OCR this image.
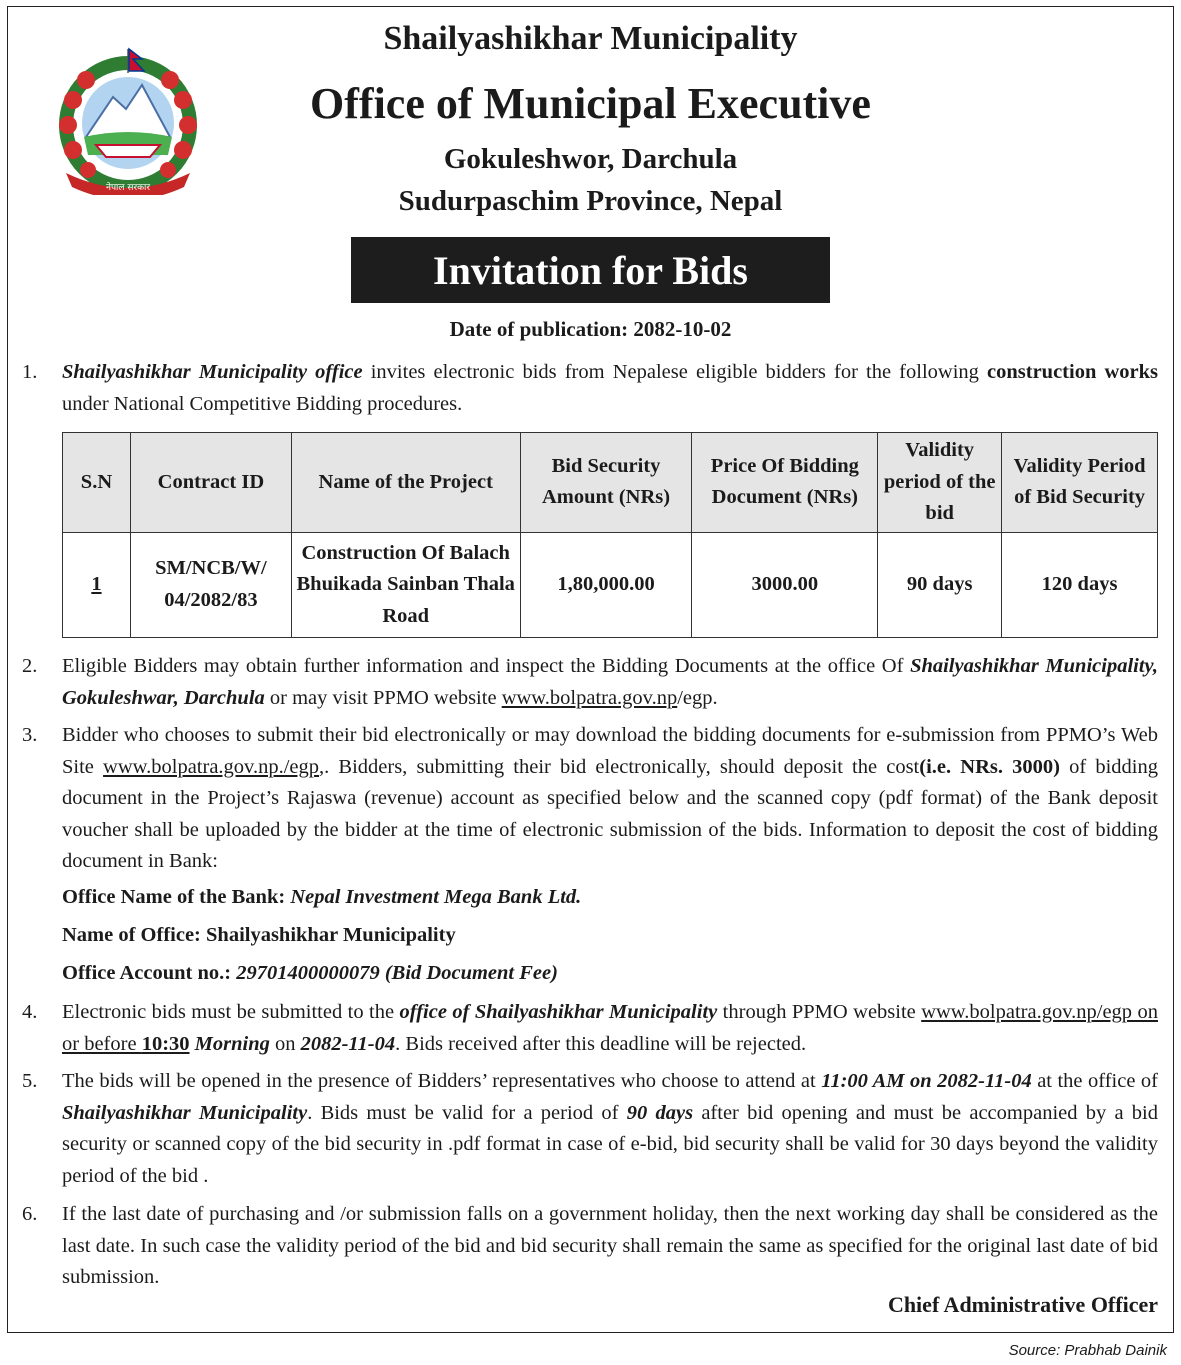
नेपाल सरकार
Shailyashikhar Municipality
Office of Municipal Executive
Gokuleshwor, Darchula
Sudurpaschim Province, Nepal
Invitation for Bids
Date of publication: 2082-10-02
1. Shailyashikhar Municipality office invites electronic bids from Nepalese eligible bidders for the following construction works under National Competitive Bidding procedures.
S.N	Contract ID	Name of the Project	Bid Security Amount (NRs)	Price Of Bidding Document (NRs)	Validity period of the bid	Validity Period of Bid Security
1	SM/NCB/W/ 04/2082/83	Construction Of Balach Bhuikada Sainban Thala Road	1,80,000.00	3000.00	90 days	120 days
2. Eligible Bidders may obtain further information and inspect the Bidding Documents at the office Of Shailyashikhar Municipality, Gokuleshwar, Darchula or may visit PPMO website www.bolpatra.gov.np/egp.
3. Bidder who chooses to submit their bid electronically or may download the bidding documents for e-submission from PPMO’s Web Site www.bolpatra.gov.np./egp,. Bidders, submitting their bid electronically, should deposit the cost(i.e. NRs. 3000) of bidding document in the Project’s Rajaswa (revenue) account as specified below and the scanned copy (pdf format) of the Bank deposit voucher shall be uploaded by the bidder at the time of electronic submission of the bids. Information to deposit the cost of bidding document in Bank:
Office Name of the Bank: Nepal Investment Mega Bank Ltd.
Name of Office: Shailyashikhar Municipality
Office Account no.: 29701400000079 (Bid Document Fee)
4. Electronic bids must be submitted to the office of Shailyashikhar Municipality through PPMO website www.bolpatra.gov.np/egp on or before 10:30 Morning on 2082-11-04. Bids received after this deadline will be rejected.
5. The bids will be opened in the presence of Bidders’ representatives who choose to attend at 11:00 AM on 2082-11-04 at the office of Shailyashikhar Municipality. Bids must be valid for a period of 90 days after bid opening and must be accompanied by a bid security or scanned copy of the bid security in .pdf format in case of e-bid, bid security shall be valid for 30 days beyond the validity period of the bid .
6. If the last date of purchasing and /or submission falls on a government holiday, then the next working day shall be considered as the last date. In such case the validity period of the bid and bid security shall remain the same as specified for the original last date of bid submission.
Chief Administrative Officer
Source: Prabhab Dainik
